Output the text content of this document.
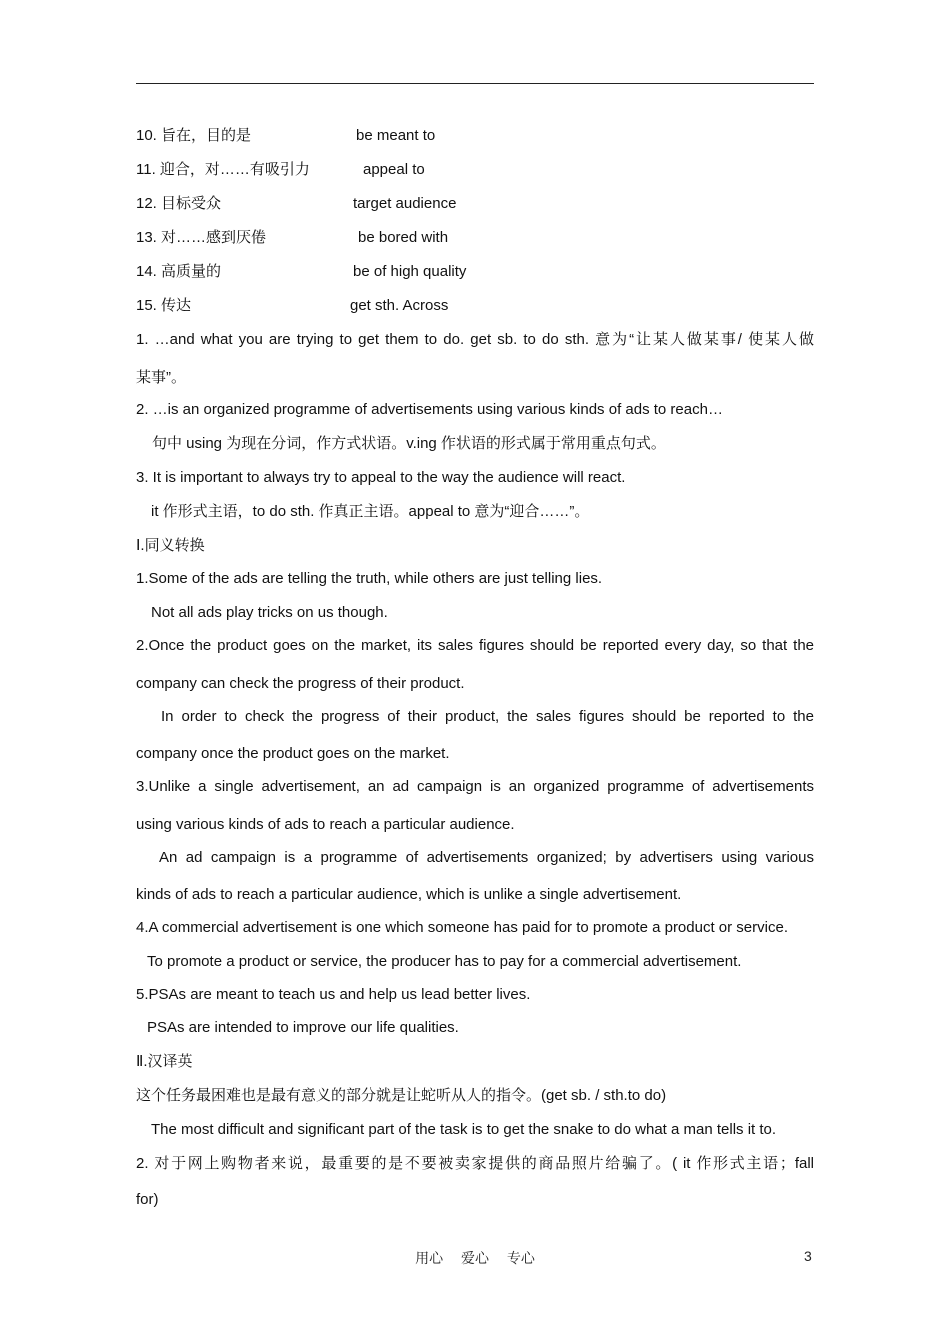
10. 旨在，目的是	be meant to
11. 迎合，对……有吸引力	appeal to
12. 目标受众	target audience
13. 对……感到厌倦	be bored with
14. 高质量的	be of high quality
15. 传达	get sth. Across
1. …and what you are trying to get them to do. get sb. to do sth. 意为“让某人做某事/ 使某人做
某事”。
2. …is an organized programme of advertisements using various kinds of ads to reach…
句中 using 为现在分词，作方式状语。v.ing 作状语的形式属于常用重点句式。
3. It is important to always try to appeal to the way the audience will react.
it 作形式主语，to do sth. 作真正主语。appeal to 意为“迎合……”。
Ⅰ.同义转换
1.Some of the ads are telling the truth, while others are just telling lies.
Not all ads play tricks on us though.
2.Once the product goes on the market, its sales figures should be reported every day, so that the
company can check the progress of their product.
In order to check the progress of their product, the sales figures should be reported to the
company once the product goes on the market.
3.Unlike a single advertisement, an ad campaign is an organized programme of advertisements
using various kinds of ads to reach a particular audience.
An ad campaign is a programme of advertisements organized; by advertisers using various
kinds of ads to reach a particular audience, which is unlike a single advertisement.
4.A commercial advertisement is one which someone has paid for to promote a product or service.
To promote a product or service, the producer has to pay for a commercial advertisement.
5.PSAs are meant to teach us and help us lead better lives.
PSAs are intended to improve our life qualities.
Ⅱ.汉译英
这个任务最困难也是最有意义的部分就是让蛇听从人的指令。(get sb. / sth.to do)
The most difficult and significant part of the task is to get the snake to do what a man tells it to.
2. 对于网上购物者来说，最重要的是不要被卖家提供的商品照片给骗了。( it 作形式主语；fall
for)
用心 爱心 专心	3
